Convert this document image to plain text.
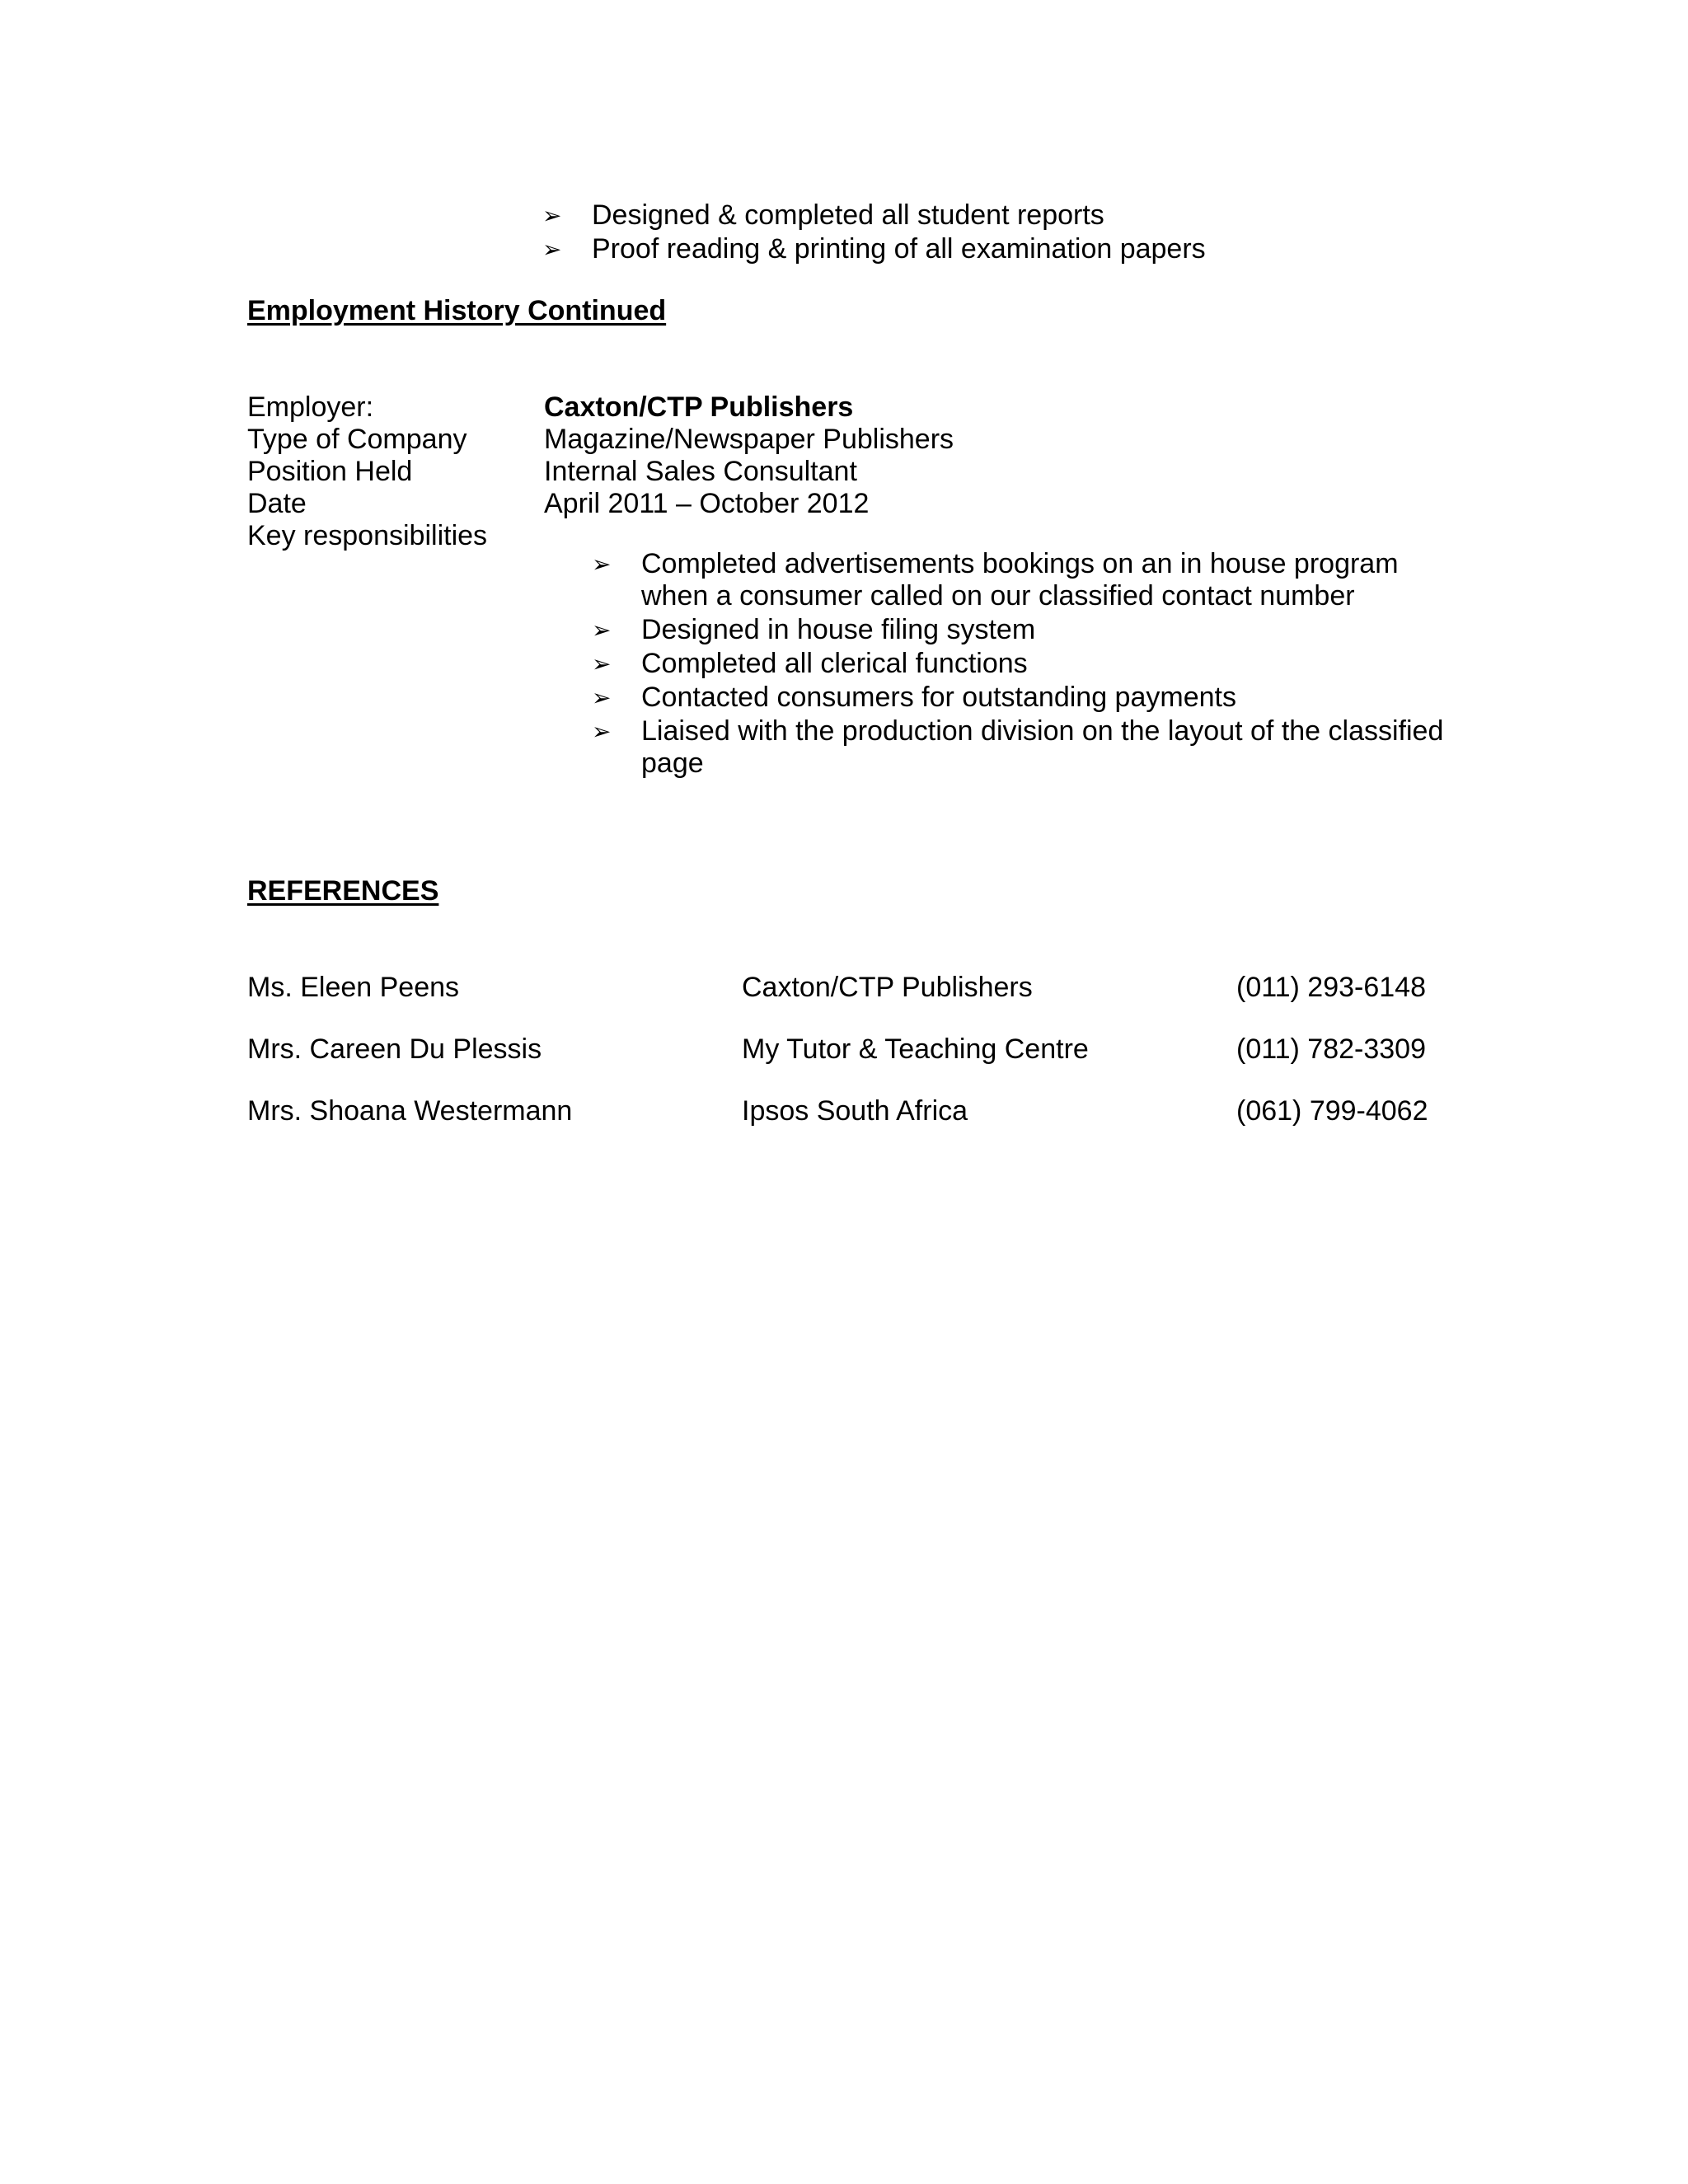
➢	Designed & completed all student reports
➢	Proof reading & printing of all examination papers
Employment History Continued
Employer:	Caxton/CTP Publishers
Type of Company	Magazine/Newspaper Publishers
Position Held	Internal Sales Consultant
Date	April 2011 – October 2012
Key responsibilities
➢	Completed advertisements bookings on an in house program when a consumer called on our classified contact number
➢	Designed in house filing system
➢	Completed all clerical functions
➢	Contacted consumers for outstanding payments
➢	Liaised with the production division on the layout of the classified page
REFERENCES
Ms. Eleen Peens	Caxton/CTP Publishers	(011) 293-6148
Mrs. Careen Du Plessis	My Tutor & Teaching Centre	(011) 782-3309
Mrs. Shoana Westermann	Ipsos South Africa	(061) 799-4062
